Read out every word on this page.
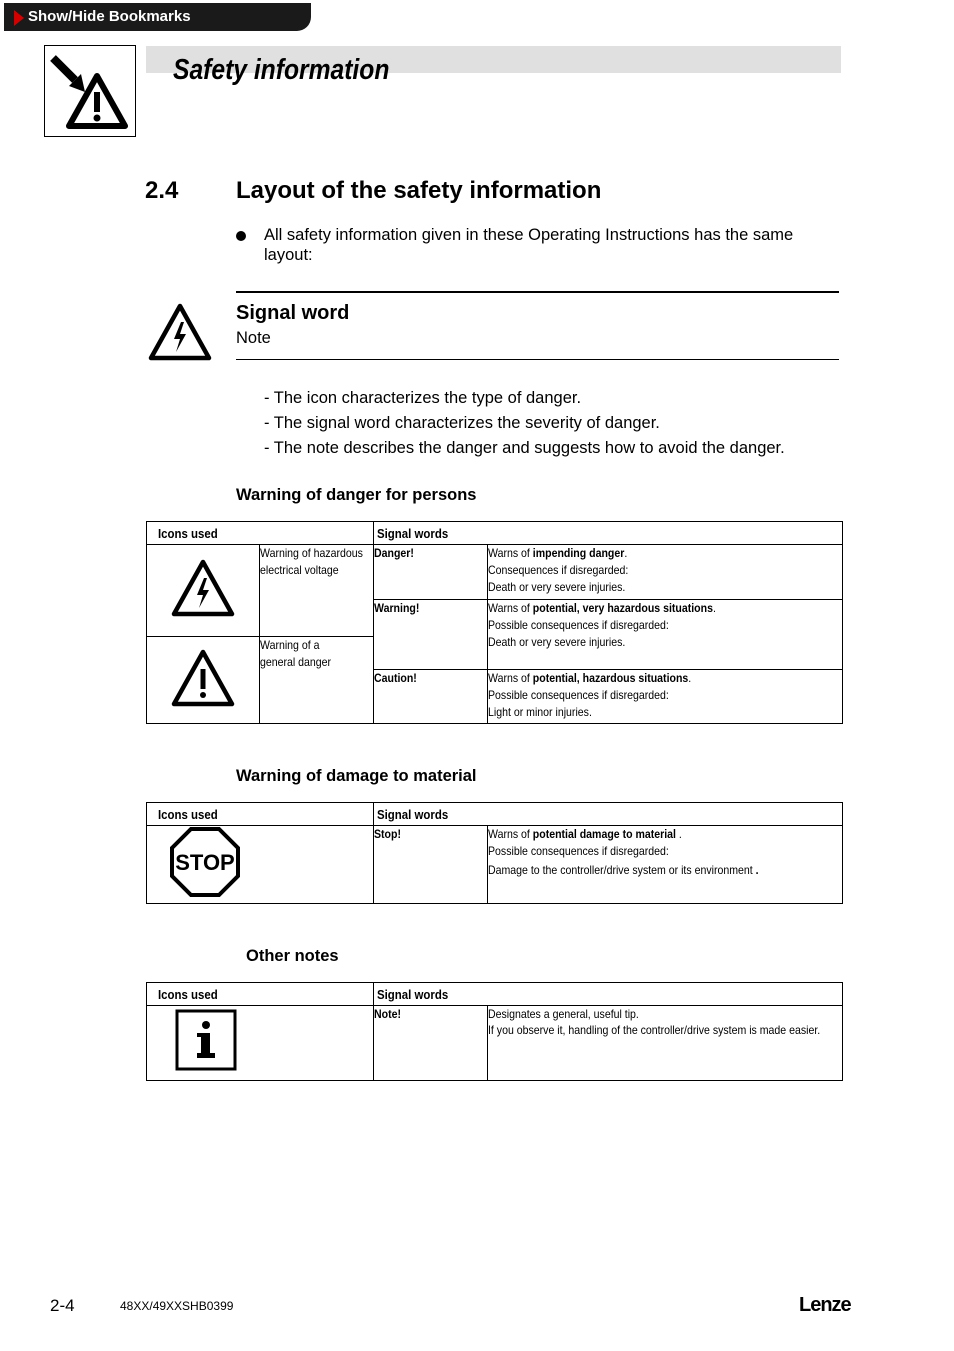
Show/Hide Bookmarks
Safety information
2.4 Layout of the safety information
All safety information given in these Operating Instructions has the same layout:
Signal word
Note
- The icon characterizes the type of danger.
- The signal word characterizes the severity of danger.
- The note describes the danger and suggests how to avoid the danger.
Warning of danger for persons
Icons used		Signal words	
	Warning of hazardous electrical voltage	Danger!	Warns of impending danger.
Consequences if disregarded:
Death or very severe injuries.
		Warning!	Warns of potential, very hazardous situations.
Possible consequences if disregarded:
Death or very severe injuries.
	Warning of a general danger		
		Caution!	Warns of potential, hazardous situations.
Possible consequences if disregarded:
Light or minor injuries.
Warning of damage to material
Icons used	Signal words	

STOP	Stop!	Warns of potential damage to material .
Possible consequences if disregarded:
Damage to the controller/drive system or its environment .
Other notes
Icons used	Signal words	
	Note!	Designates a general, useful tip.
If you observe it, handling of the controller/drive system is made easier.
2-4	48XX/49XXSHB0399	Lenze
